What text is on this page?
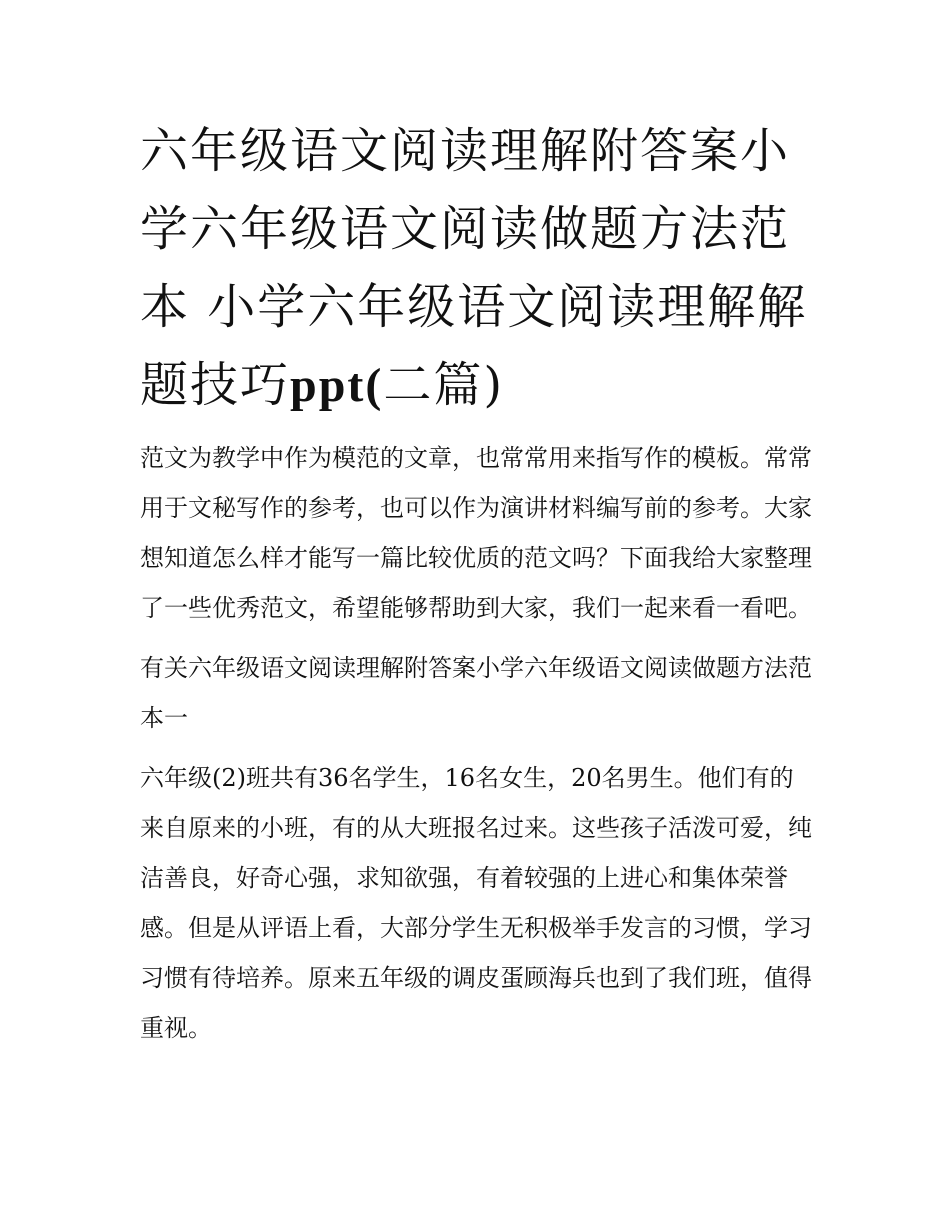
六年级语文阅读理解附答案小学六年级语文阅读做题方法范本 小学六年级语文阅读理解解题技巧ppt(二篇)

范文为教学中作为模范的文章，也常常用来指写作的模板。常常用于文秘写作的参考，也可以作为演讲材料编写前的参考。大家想知道怎么样才能写一篇比较优质的范文吗？下面我给大家整理了一些优秀范文，希望能够帮助到大家，我们一起来看一看吧。

有关六年级语文阅读理解附答案小学六年级语文阅读做题方法范本一

六年级(2)班共有36名学生，16名女生，20名男生。他们有的来自原来的小班，有的从大班报名过来。这些孩子活泼可爱，纯洁善良，好奇心强，求知欲强，有着较强的上进心和集体荣誉感。但是从评语上看，大部分学生无积极举手发言的习惯，学习习惯有待培养。原来五年级的调皮蛋顾海兵也到了我们班，值得重视。
